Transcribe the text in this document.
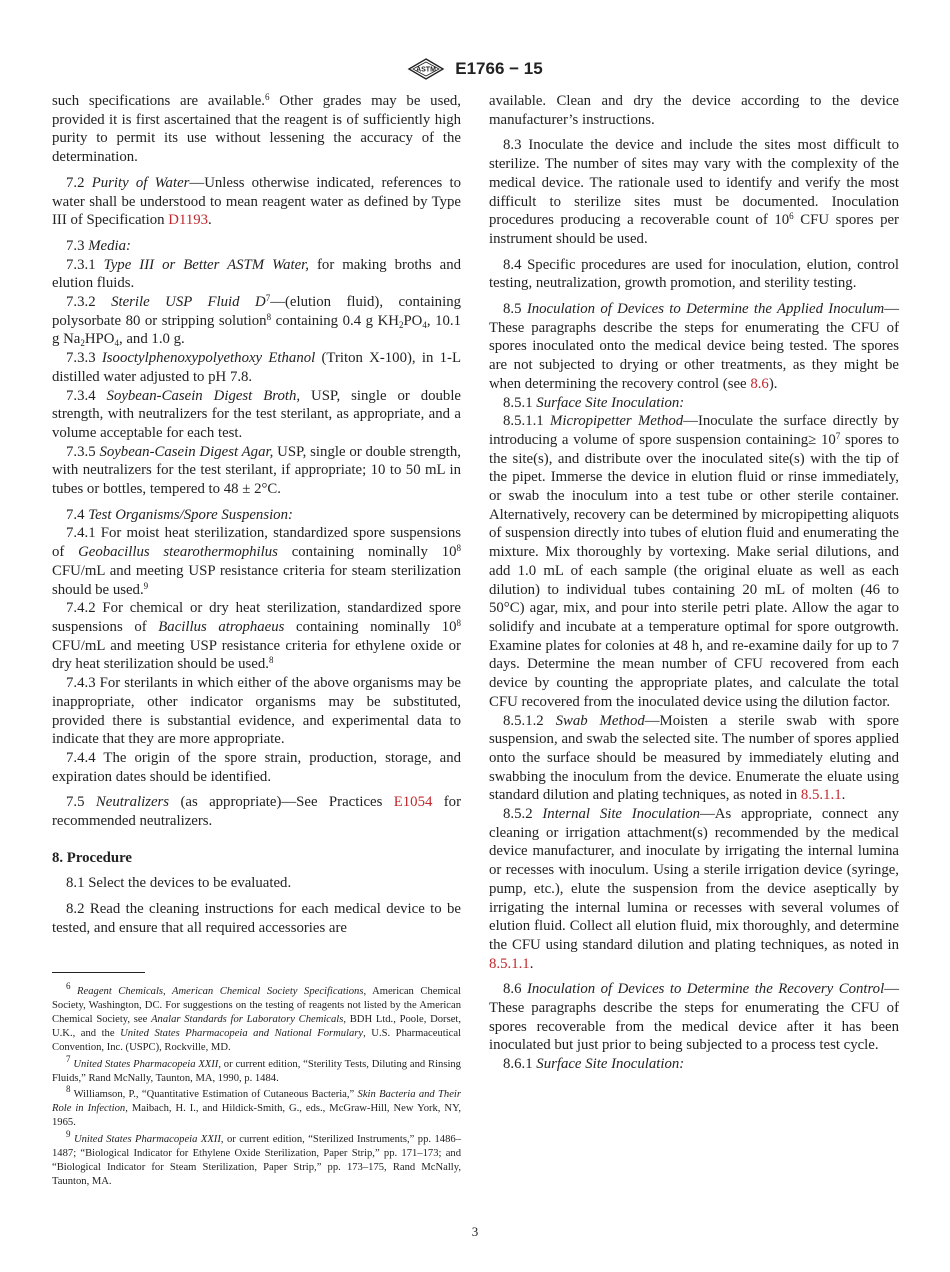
ASTM E1766 − 15

such specifications are available.$^6$ Other grades may be used, provided it is first ascertained that the reagent is of sufficiently high purity to permit its use without lessening the accuracy of the determination.

7.2 Purity of Water—Unless otherwise indicated, references to water shall be understood to mean reagent water as defined by Type III of Specification D1193.

7.3 Media:

7.3.1 Type III or Better ASTM Water, for making broths and elution fluids.

7.3.2 Sterile USP Fluid $D^7—(elution$ fluid), containing polysorbate 80 or stripping solution$^8$ containing 0.4 g $KH_2PO_4$, 10.1 g $Na_2HPO_4$, and 1.0 g.

7.3.3 Isooctylphenoxypolyethoxy Ethanol (Triton X-100), in 1-L distilled water adjusted to pH 7.8.

7.3.4 Soybean-Casein Digest Broth, USP, single or double strength, with neutralizers for the test sterilant, as appropriate, and a volume acceptable for each test.

7.3.5 Soybean-Casein Digest Agar, USP, single or double strength, with neutralizers for the test sterilant, if appropriate; 10 to 50 mL in tubes or bottles, tempered to 48 ± 2°C.

7.4 Test Organisms/Spore Suspension:

7.4.1 For moist heat sterilization, standardized spore suspensions of Geobacillus stearothermophilus containing nominally $10^8$ CFU/mL and meeting USP resistance criteria for steam sterilization should be used.$^9$

7.4.2 For chemical or dry heat sterilization, standardized spore suspensions of Bacillus atrophaeus containing nominally $10^8$ CFU/mL and meeting USP resistance criteria for ethylene oxide or dry heat sterilization should be used.$^8$

7.4.3 For sterilants in which either of the above organisms may be inappropriate, other indicator organisms may be substituted, provided there is substantial evidence, and experimental data to indicate that they are more appropriate.

7.4.4 The origin of the spore strain, production, storage, and expiration dates should be identified.

7.5 Neutralizers (as appropriate)—See Practices E1054 for recommended neutralizers.

8. Procedure

8.1 Select the devices to be evaluated.

8.2 Read the cleaning instructions for each medical device to be tested, and ensure that all required accessories are

$^6$ Reagent Chemicals, American Chemical Society Specifications, American Chemical Society, Washington, DC. For suggestions on the testing of reagents not listed by the American Chemical Society, see Analar Standards for Laboratory Chemicals, BDH Ltd., Poole, Dorset, U.K., and the United States Pharmacopeia and National Formulary, U.S. Pharmaceutical Convention, Inc. (USPC), Rockville, MD.

$^7$ United States Pharmacopeia XXII, or current edition, “Sterility Tests, Diluting and Rinsing Fluids,” Rand McNally, Taunton, MA, 1990, p. 1484.

$^8$ Williamson, P., “Quantitative Estimation of Cutaneous Bacteria,” Skin Bacteria and Their Role in Infection, Maibach, H. I., and Hildick-Smith, G., eds., McGraw-Hill, New York, NY, 1965.

$^9$ United States Pharmacopeia XXII, or current edition, “Sterilized Instruments,” pp. 1486–1487; “Biological Indicator for Ethylene Oxide Sterilization, Paper Strip,” pp. 171–173; and “Biological Indicator for Steam Sterilization, Paper Strip,” pp. 173–175, Rand McNally, Taunton, MA.

available. Clean and dry the device according to the device manufacturer’s instructions.

8.3 Inoculate the device and include the sites most difficult to sterilize. The number of sites may vary with the complexity of the medical device. The rationale used to identify and verify the most difficult to sterilize sites must be documented. Inoculation procedures producing a recoverable count of $10^6$ CFU spores per instrument should be used.

8.4 Specific procedures are used for inoculation, elution, control testing, neutralization, growth promotion, and sterility testing.

8.5 Inoculation of Devices to Determine the Applied Inoculum—These paragraphs describe the steps for enumerating the CFU of spores inoculated onto the medical device being tested. The spores are not subjected to drying or other treatments, as they might be when determining the recovery control (see 8.6).

8.5.1 Surface Site Inoculation:

8.5.1.1 Micropipetter Method—Inoculate the surface directly by introducing a volume of spore suspension containing≥ $10^7$ spores to the site(s), and distribute over the inoculated site(s) with the tip of the pipet. Immerse the device in elution fluid or rinse immediately, or swab the inoculum into a test tube or other sterile container. Alternatively, recovery can be determined by micropipetting aliquots of suspension directly into tubes of elution fluid and enumerating the mixture. Mix thoroughly by vortexing. Make serial dilutions, and add 1.0 mL of each sample (the original eluate as well as each dilution) to individual tubes containing 20 mL of molten (46 to 50°C) agar, mix, and pour into sterile petri plate. Allow the agar to solidify and incubate at a temperature optimal for spore outgrowth. Examine plates for colonies at 48 h, and re-examine daily for up to 7 days. Determine the mean number of CFU recovered from each device by counting the appropriate plates, and calculate the total CFU recovered from the inoculated device using the dilution factor.

8.5.1.2 Swab Method—Moisten a sterile swab with spore suspension, and swab the selected site. The number of spores applied onto the surface should be measured by immediately eluting and swabbing the inoculum from the device. Enumerate the eluate using standard dilution and plating techniques, as noted in 8.5.1.1.

8.5.2 Internal Site Inoculation—As appropriate, connect any cleaning or irrigation attachment(s) recommended by the medical device manufacturer, and inoculate by irrigating the internal lumina or recesses with inoculum. Using a sterile irrigation device (syringe, pump, etc.), elute the suspension from the device aseptically by irrigating the internal lumina or recesses with several volumes of elution fluid. Collect all elution fluid, mix thoroughly, and determine the CFU using standard dilution and plating techniques, as noted in 8.5.1.1.

8.6 Inoculation of Devices to Determine the Recovery Control—These paragraphs describe the steps for enumerating the CFU of spores recoverable from the medical device after it has been inoculated but just prior to being subjected to a process test cycle.

8.6.1 Surface Site Inoculation:

3
